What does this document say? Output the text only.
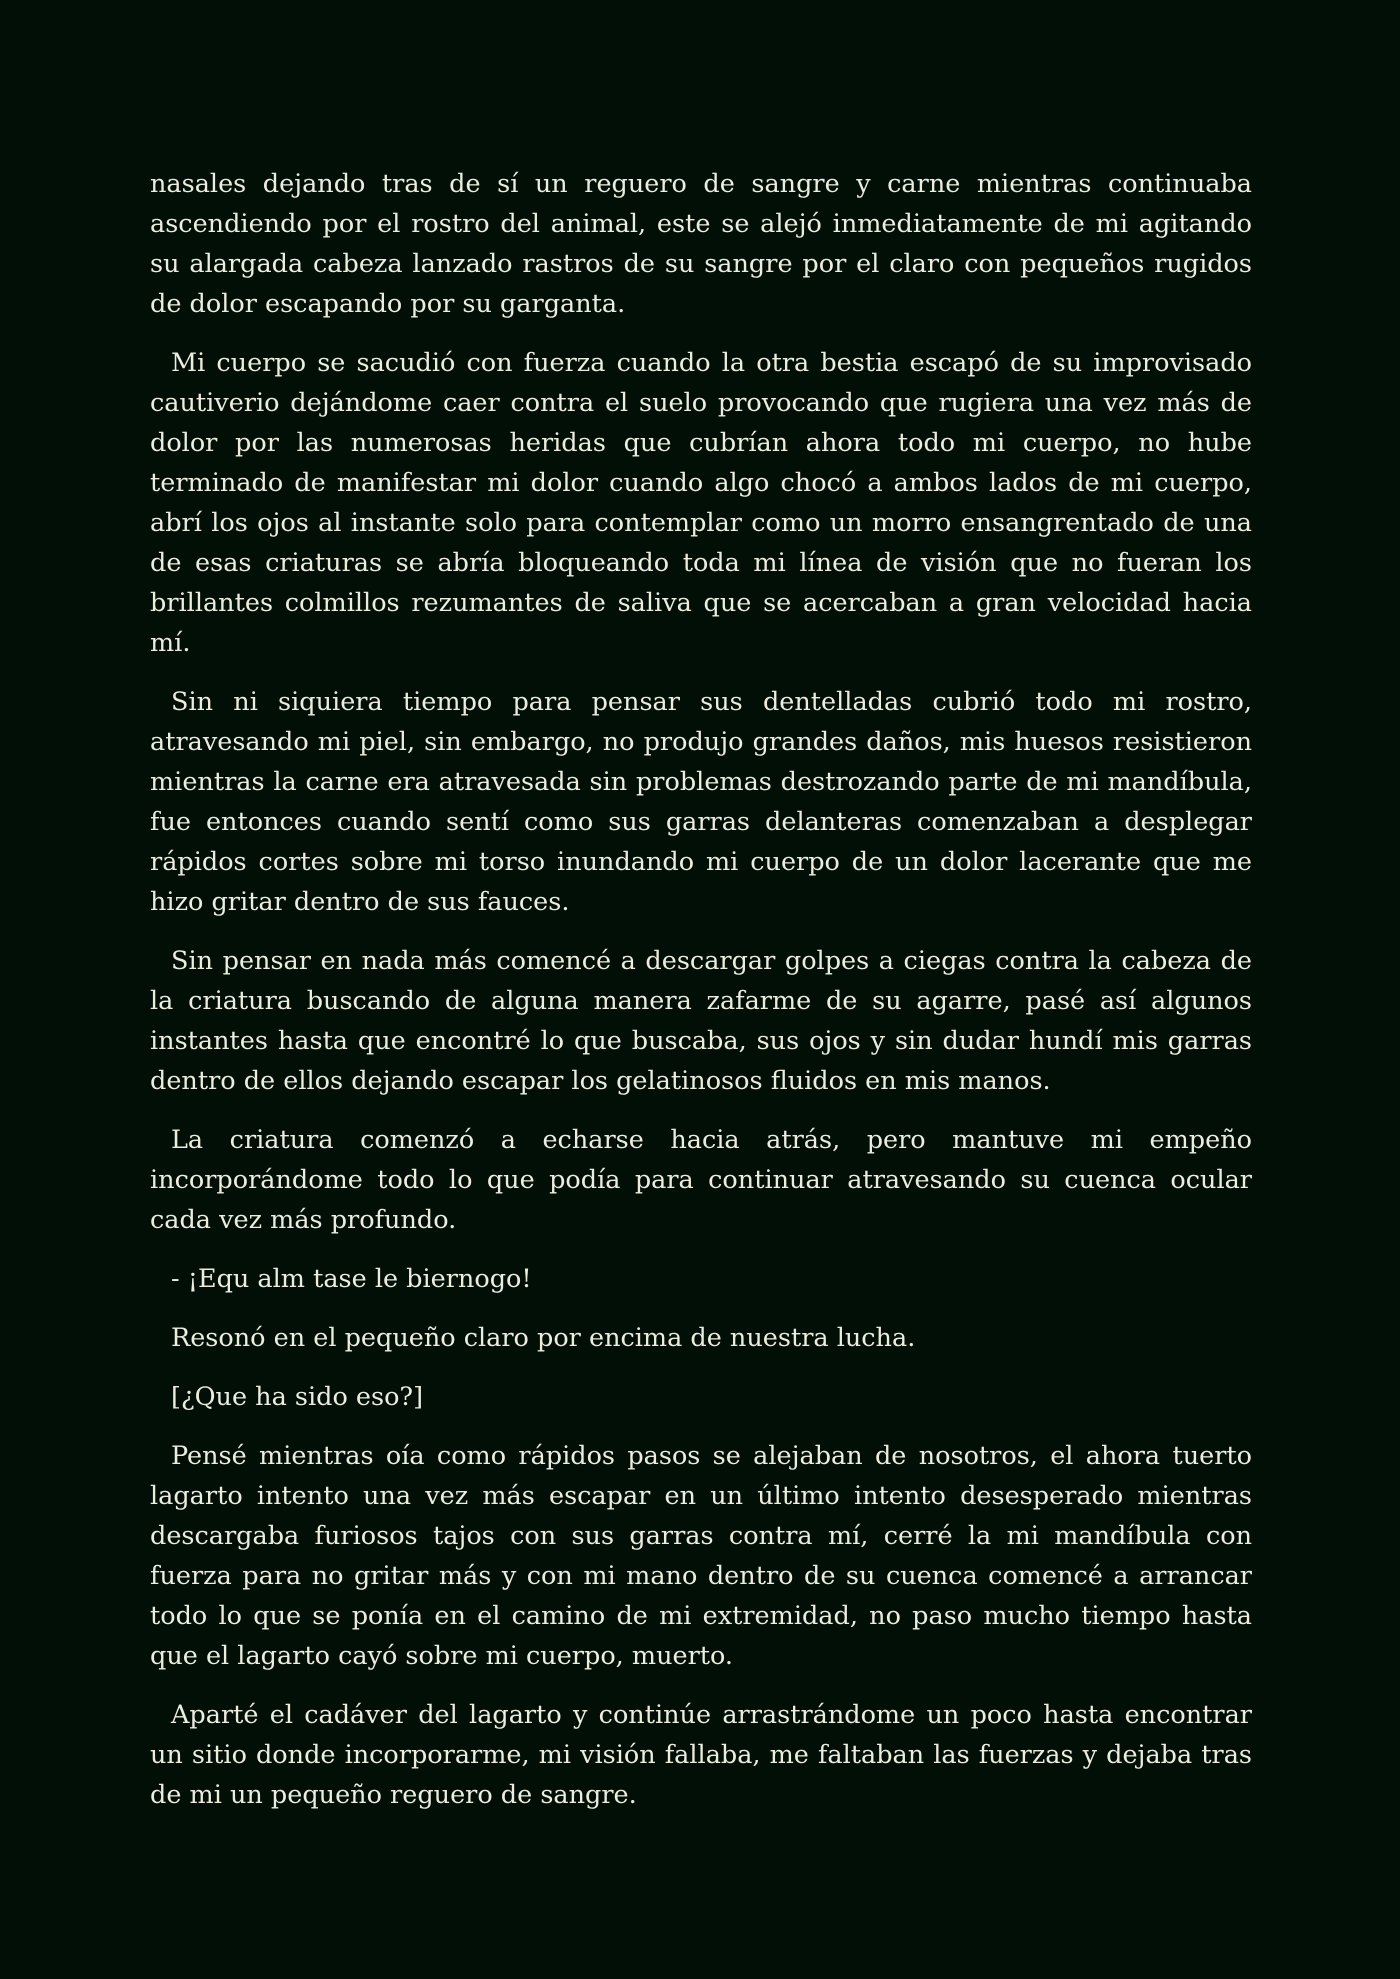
nasales dejando tras de sí un reguero de sangre y carne mientras continuaba ascendiendo por el rostro del animal, este se alejó inmediatamente de mi agitando su alargada cabeza lanzado rastros de su sangre por el claro con pequeños rugidos de dolor escapando por su garganta.

Mi cuerpo se sacudió con fuerza cuando la otra bestia escapó de su improvisado cautiverio dejándome caer contra el suelo provocando que rugiera una vez más de dolor por las numerosas heridas que cubrían ahora todo mi cuerpo, no hube terminado de manifestar mi dolor cuando algo chocó a ambos lados de mi cuerpo, abrí los ojos al instante solo para contemplar como un morro ensangrentado de una de esas criaturas se abría bloqueando toda mi línea de visión que no fueran los brillantes colmillos rezumantes de saliva que se acercaban a gran velocidad hacia mí.

Sin ni siquiera tiempo para pensar sus dentelladas cubrió todo mi rostro, atravesando mi piel, sin embargo, no produjo grandes daños, mis huesos resistieron mientras la carne era atravesada sin problemas destrozando parte de mi mandíbula, fue entonces cuando sentí como sus garras delanteras comenzaban a desplegar rápidos cortes sobre mi torso inundando mi cuerpo de un dolor lacerante que me hizo gritar dentro de sus fauces.

Sin pensar en nada más comencé a descargar golpes a ciegas contra la cabeza de la criatura buscando de alguna manera zafarme de su agarre, pasé así algunos instantes hasta que encontré lo que buscaba, sus ojos y sin dudar hundí mis garras dentro de ellos dejando escapar los gelatinosos fluidos en mis manos.

La criatura comenzó a echarse hacia atrás, pero mantuve mi empeño incorporándome todo lo que podía para continuar atravesando su cuenca ocular cada vez más profundo.

- ¡Equ alm tase le biernogo!

Resonó en el pequeño claro por encima de nuestra lucha.

[¿Que ha sido eso?]

Pensé mientras oía como rápidos pasos se alejaban de nosotros, el ahora tuerto lagarto intento una vez más escapar en un último intento desesperado mientras descargaba furiosos tajos con sus garras contra mí, cerré la mi mandíbula con fuerza para no gritar más y con mi mano dentro de su cuenca comencé a arrancar todo lo que se ponía en el camino de mi extremidad, no paso mucho tiempo hasta que el lagarto cayó sobre mi cuerpo, muerto.

Aparté el cadáver del lagarto y continúe arrastrándome un poco hasta encontrar un sitio donde incorporarme, mi visión fallaba, me faltaban las fuerzas y dejaba tras de mi un pequeño reguero de sangre.
